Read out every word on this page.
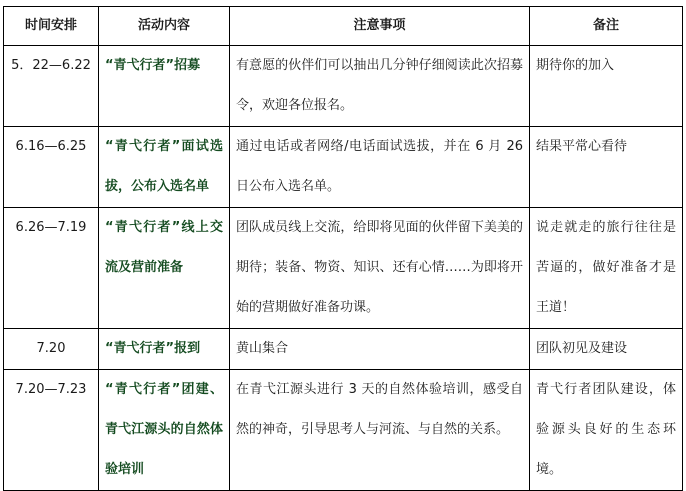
时间安排	活动内容	注意事项	备注
5．22—6.22	“青弋行者”招募	有意愿的伙伴们可以抽出几分钟仔细阅读此次招募令，欢迎各位报名。	期待你的加入
6.16—6.25	“青弋行者”面试选拔，公布入选名单	通过电话或者网络/电话面试选拔，并在 6 月 26 日公布入选名单。	结果平常心看待
6.26—7.19	“青弋行者”线上交流及营前准备	团队成员线上交流，给即将见面的伙伴留下美美的期待；装备、物资、知识、还有心情……为即将开始的营期做好准备功课。	说走就走的旅行往往是苦逼的，做好准备才是王道！
7.20	“青弋行者”报到	黄山集合	团队初见及建设
7.20—7.23	“青弋行者”团建、青弋江源头的自然体验培训	在青弋江源头进行 3 天的自然体验培训，感受自然的神奇，引导思考人与河流、与自然的关系。	青弋行者团队建设，体验源头良好的生态环境。
